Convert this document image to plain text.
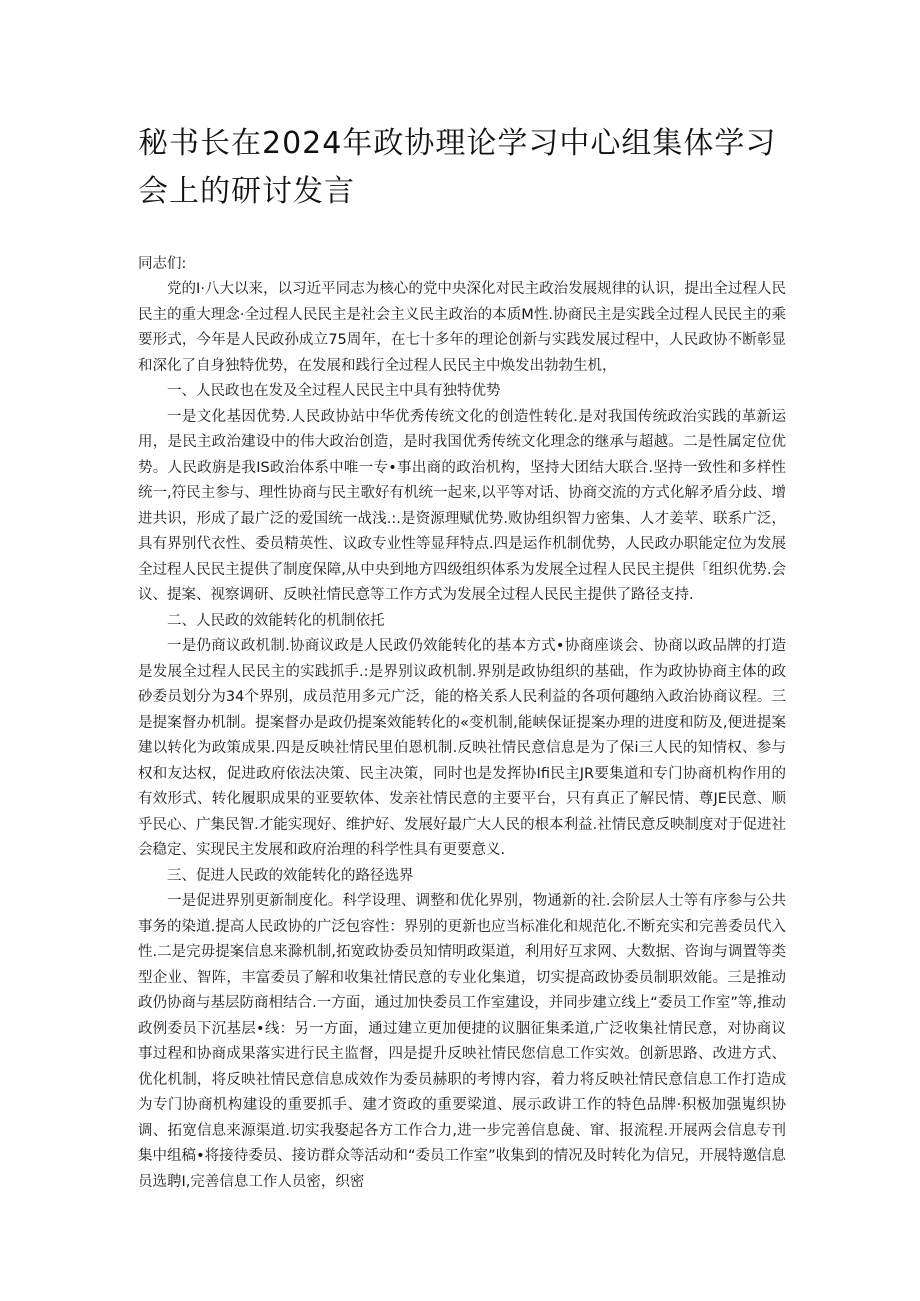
秘书长在2024年政协理论学习中心组集体学习会上的研讨发言

同志们:

党的I·八大以来，以习近平同志为核心的党中央深化对民主政治发展规律的认识，提出全过程人民民主的重大理念·全过程人民民主是社会主义民主政治的本质M性.协商民主是实践全过程人民民主的乘要形式，今年是人民政孙成立75周年，在七十多年的理论创新与实践发展过程中，人民政协不断彰显和深化了自身独特优势，在发展和践行全过程人民民主中焕发出勃勃生机，

一、人民政也在发及全过程人民民主中具有独特优势

一是文化基因优势.人民政协站中华优秀传统文化的创造性转化.是对我国传统政治实践的革新运用，是民主政治建设中的伟大政治创造，是时我国优秀传统文化理念的继承与超越。二是性属定位优势。人民政旃是我IS政治体系中唯一专•事出商的政治机构，坚持大团结大联合.坚持一致性和多样性统一,符民主参与、理性协商与民主歌好有机统一起来,以平等对话、协商交流的方式化解矛盾分歧、增进共识，形成了最广泛的爱国统一战浅.:.是资源理赋优势.败协组织智力密集、人才姜苹、联系广泛，具有界别代衣性、委员精英性、议政专业性等显拜特点.四是运作机制优势，人民政办职能定位为发展全过程人民民主提供了制度保障,从中央到地方四级组织体系为发展全过程人民民主提供「组织优势.会议、提案、视察调研、反映社情民意等工作方式为发展全过程人民民主提供了路径支持.

二、人民政的效能转化的机制依托

一是仍商议政机制.协商议政是人民政仍效能转化的基本方式•协商座谈会、协商以政品牌的打造是发展全过程人民民主的实践抓手.:是界别议政机制.界别是政协组织的基础，作为政协协商主体的政砂委员划分为34个界别，成员范用多元广泛，能的格关系人民利益的各项何趣纳入政治协商议程。三是提案督办机制。提案督办是政仍提案效能转化的«变机制,能峡保证提案办理的进度和防及,便进提案建以转化为政策成果.四是反映社情民里伯恩机制.反映社情民意信息是为了保i三人民的知情权、参与权和友达权，促进政府依法决策、民主决策，同时也是发挥协Ifi民主JR要集道和专门协商机构作用的有效形式、转化履职成果的亚要软体、发亲社情民意的主要平台，只有真正了解民情、尊JE民意、顺乎民心、广集民智.才能实现好、维护好、发展好最广大人民的根本利益.社情民意反映制度对于促进社会稳定、实现民主发展和政府治理的科学性具有更要意义.

三、促进人民政的效能转化的路径选界

一是促进界别更新制度化。科学设理、调整和优化界别，物通新的社.会阶层人士等有序参与公共事务的染道.提高人民政协的广泛包容性：界别的更新也应当标准化和规范化.不断充实和完善委员代入性.二是完毋提案信息来滁机制,拓宽政协委员知情明政渠道，利用好互求网、大数据、咨询与调置等类型企业、智阵，丰富委员了解和收集社情民意的专业化集道，切实提高政协委员制职效能。三是推动政仍协商与基层防商相结合.一方面，通过加快委员工作室建设，并同步建立线上“委员工作室”等,推动政例委员下沉基层•线：另一方面，通过建立更加便捷的议胭征集柔道,广泛收集社情民意，对协商议事过程和协商成果落实进行民主监督，四是提升反映社情民您信息工作实效。创新思路、改进方式、优化机制，将反映社情民意信息成效作为委员赫职的考博内容，着力将反映社情民意信息工作打造成为专门协商机构建设的重要抓手、建才资政的重要梁道、展示政讲工作的特色品牌·积极加强嵬织协调、拓宽信息来源渠道.切实我娶起各方工作合力,进一步完善信息彘、窜、报流程.开展两会信息专刊集中组稿•将接待委员、接访群众等活动和“委员工作室”收集到的情况及时转化为信兄，开展特邀信息员选聘I,完善信息工作人员密，织密
